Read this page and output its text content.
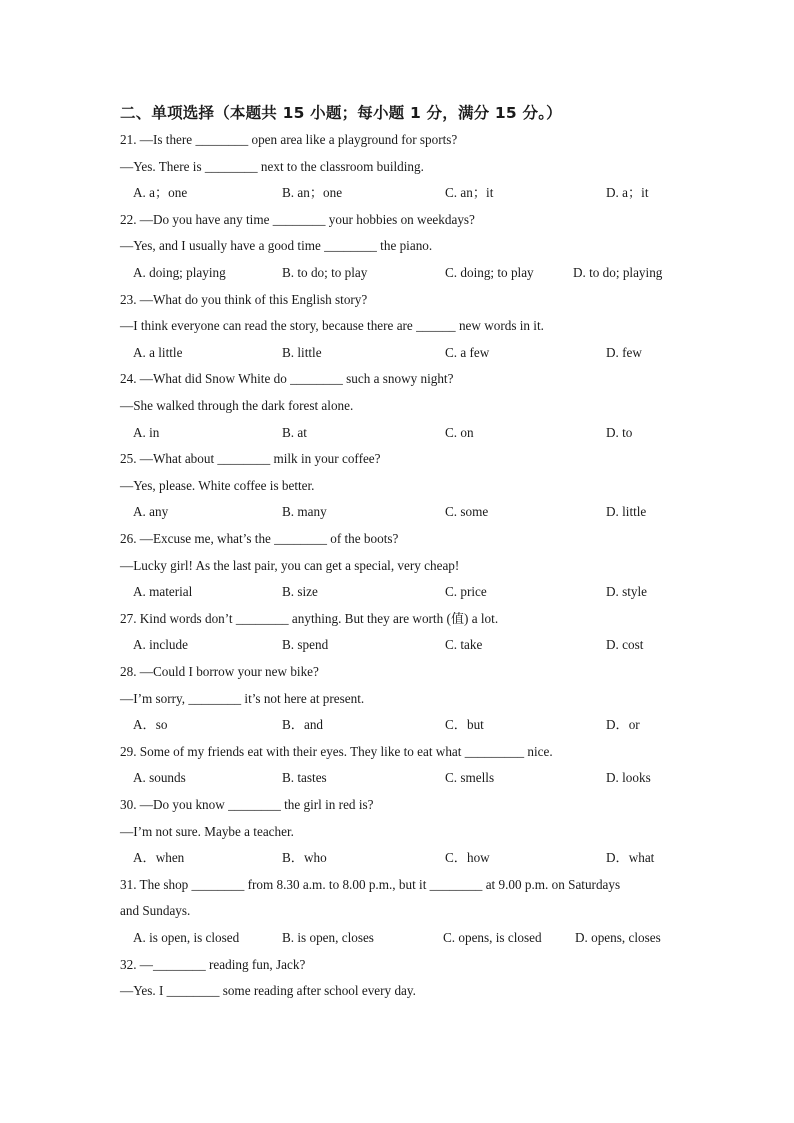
二、单项选择（本题共 15 小题；每小题 1 分，满分 15 分。）
21. —Is there ________ open area like a playground for sports?
—Yes. There is ________ next to the classroom building.
A. a；one	B. an；one	C. an；it	D. a；it
22. —Do you have any time ________ your hobbies on weekdays?
—Yes, and I usually have a good time ________ the piano.
A. doing; playing	B. to do; to play	C. doing; to play	D. to do; playing
23. —What do you think of this English story?
—I think everyone can read the story, because there are ______ new words in it.
A. a little	B. little	C. a few	D. few
24. —What did Snow White do ________ such a snowy night?
—She walked through the dark forest alone.
A. in	B. at	C. on	D. to
25. —What about ________ milk in your coffee?
—Yes, please. White coffee is better.
A. any	B. many	C. some	D. little
26. —Excuse me, what’s the ________ of the boots?
—Lucky girl! As the last pair, you can get a special, very cheap!
A. material	B. size	C. price	D. style
27. Kind words don’t ________ anything. But they are worth (值) a lot.
A. include	B. spend	C. take	D. cost
28. —Could I borrow your new bike?
—I’m sorry, ________ it’s not here at present.
A．so	B．and	C．but	D．or
29. Some of my friends eat with their eyes. They like to eat what _________ nice.
A. sounds	B. tastes	C. smells	D. looks
30. —Do you know ________ the girl in red is?
—I’m not sure. Maybe a teacher.
A．when	B．who	C．how	D．what
31. The shop ________ from 8.30 a.m. to 8.00 p.m., but it ________ at 9.00 p.m. on Saturdays
and Sundays.
A. is open, is closed	B. is open, closes	C. opens, is closed	D. opens, closes
32. —________ reading fun, Jack?
—Yes. I ________ some reading after school every day.
